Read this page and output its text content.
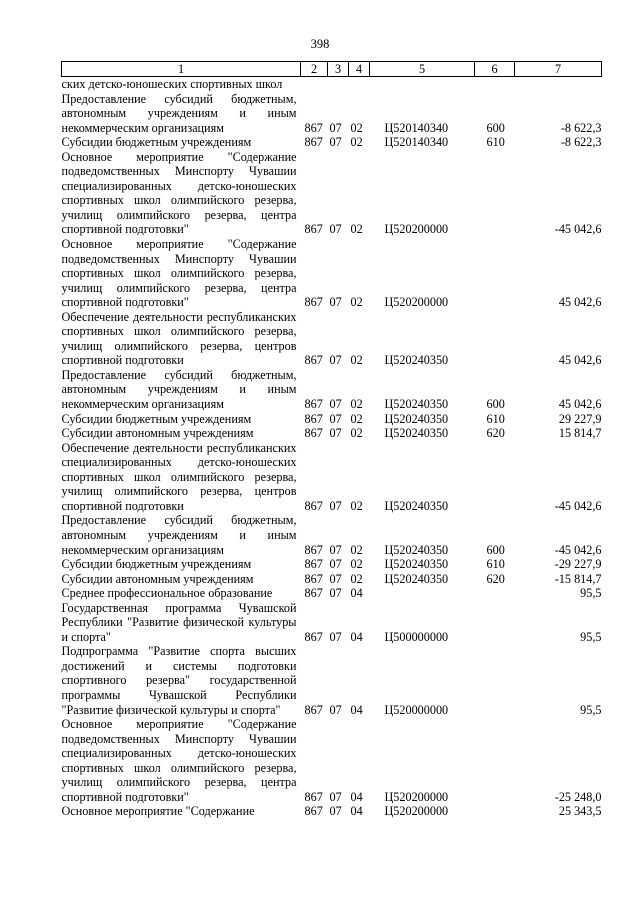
398
1	2	3	4	5	6	7
ских детско-юношеских спортивных школ						
Предоставление субсидий бюджетным, автономным учреждениям и иным некоммерческим организациям	867	07	02	Ц520140340	600	-8 622,3
Субсидии бюджетным учреждениям	867	07	02	Ц520140340	610	-8 622,3
Основное мероприятие "Содержание подведомственных Минспорту Чувашии специализированных детско-юношеских спортивных школ олимпийского резерва, училищ олимпийского резерва, центра спортивной подготовки"	867	07	02	Ц520200000		-45 042,6
Основное мероприятие "Содержание подведомственных Минспорту Чувашии спортивных школ олимпийского резерва, училищ олимпийского резерва, центра спортивной подготовки"	867	07	02	Ц520200000		45 042,6
Обеспечение деятельности республиканских спортивных школ олимпийского резерва, училищ олимпийского резерва, центров спортивной подготовки	867	07	02	Ц520240350		45 042,6
Предоставление субсидий бюджетным, автономным учреждениям и иным некоммерческим организациям	867	07	02	Ц520240350	600	45 042,6
Субсидии бюджетным учреждениям	867	07	02	Ц520240350	610	29 227,9
Субсидии автономным учреждениям	867	07	02	Ц520240350	620	15 814,7
Обеспечение деятельности республиканских специализированных детско-юношеских спортивных школ олимпийского резерва, училищ олимпийского резерва, центров спортивной подготовки	867	07	02	Ц520240350		-45 042,6
Предоставление субсидий бюджетным, автономным учреждениям и иным некоммерческим организациям	867	07	02	Ц520240350	600	-45 042,6
Субсидии бюджетным учреждениям	867	07	02	Ц520240350	610	-29 227,9
Субсидии автономным учреждениям	867	07	02	Ц520240350	620	-15 814,7
Среднее профессиональное образование	867	07	04			95,5
Государственная программа Чувашской Республики "Развитие физической культуры и спорта"	867	07	04	Ц500000000		95,5
Подпрограмма "Развитие спорта высших достижений и системы подготовки спортивного резерва" государственной программы Чувашской Республики "Развитие физической культуры и спорта"	867	07	04	Ц520000000		95,5
Основное мероприятие "Содержание подведомственных Минспорту Чувашии специализированных детско-юношеских спортивных школ олимпийского резерва, училищ олимпийского резерва, центра спортивной подготовки"	867	07	04	Ц520200000		-25 248,0
Основное мероприятие "Содержание	867	07	04	Ц520200000		25 343,5
